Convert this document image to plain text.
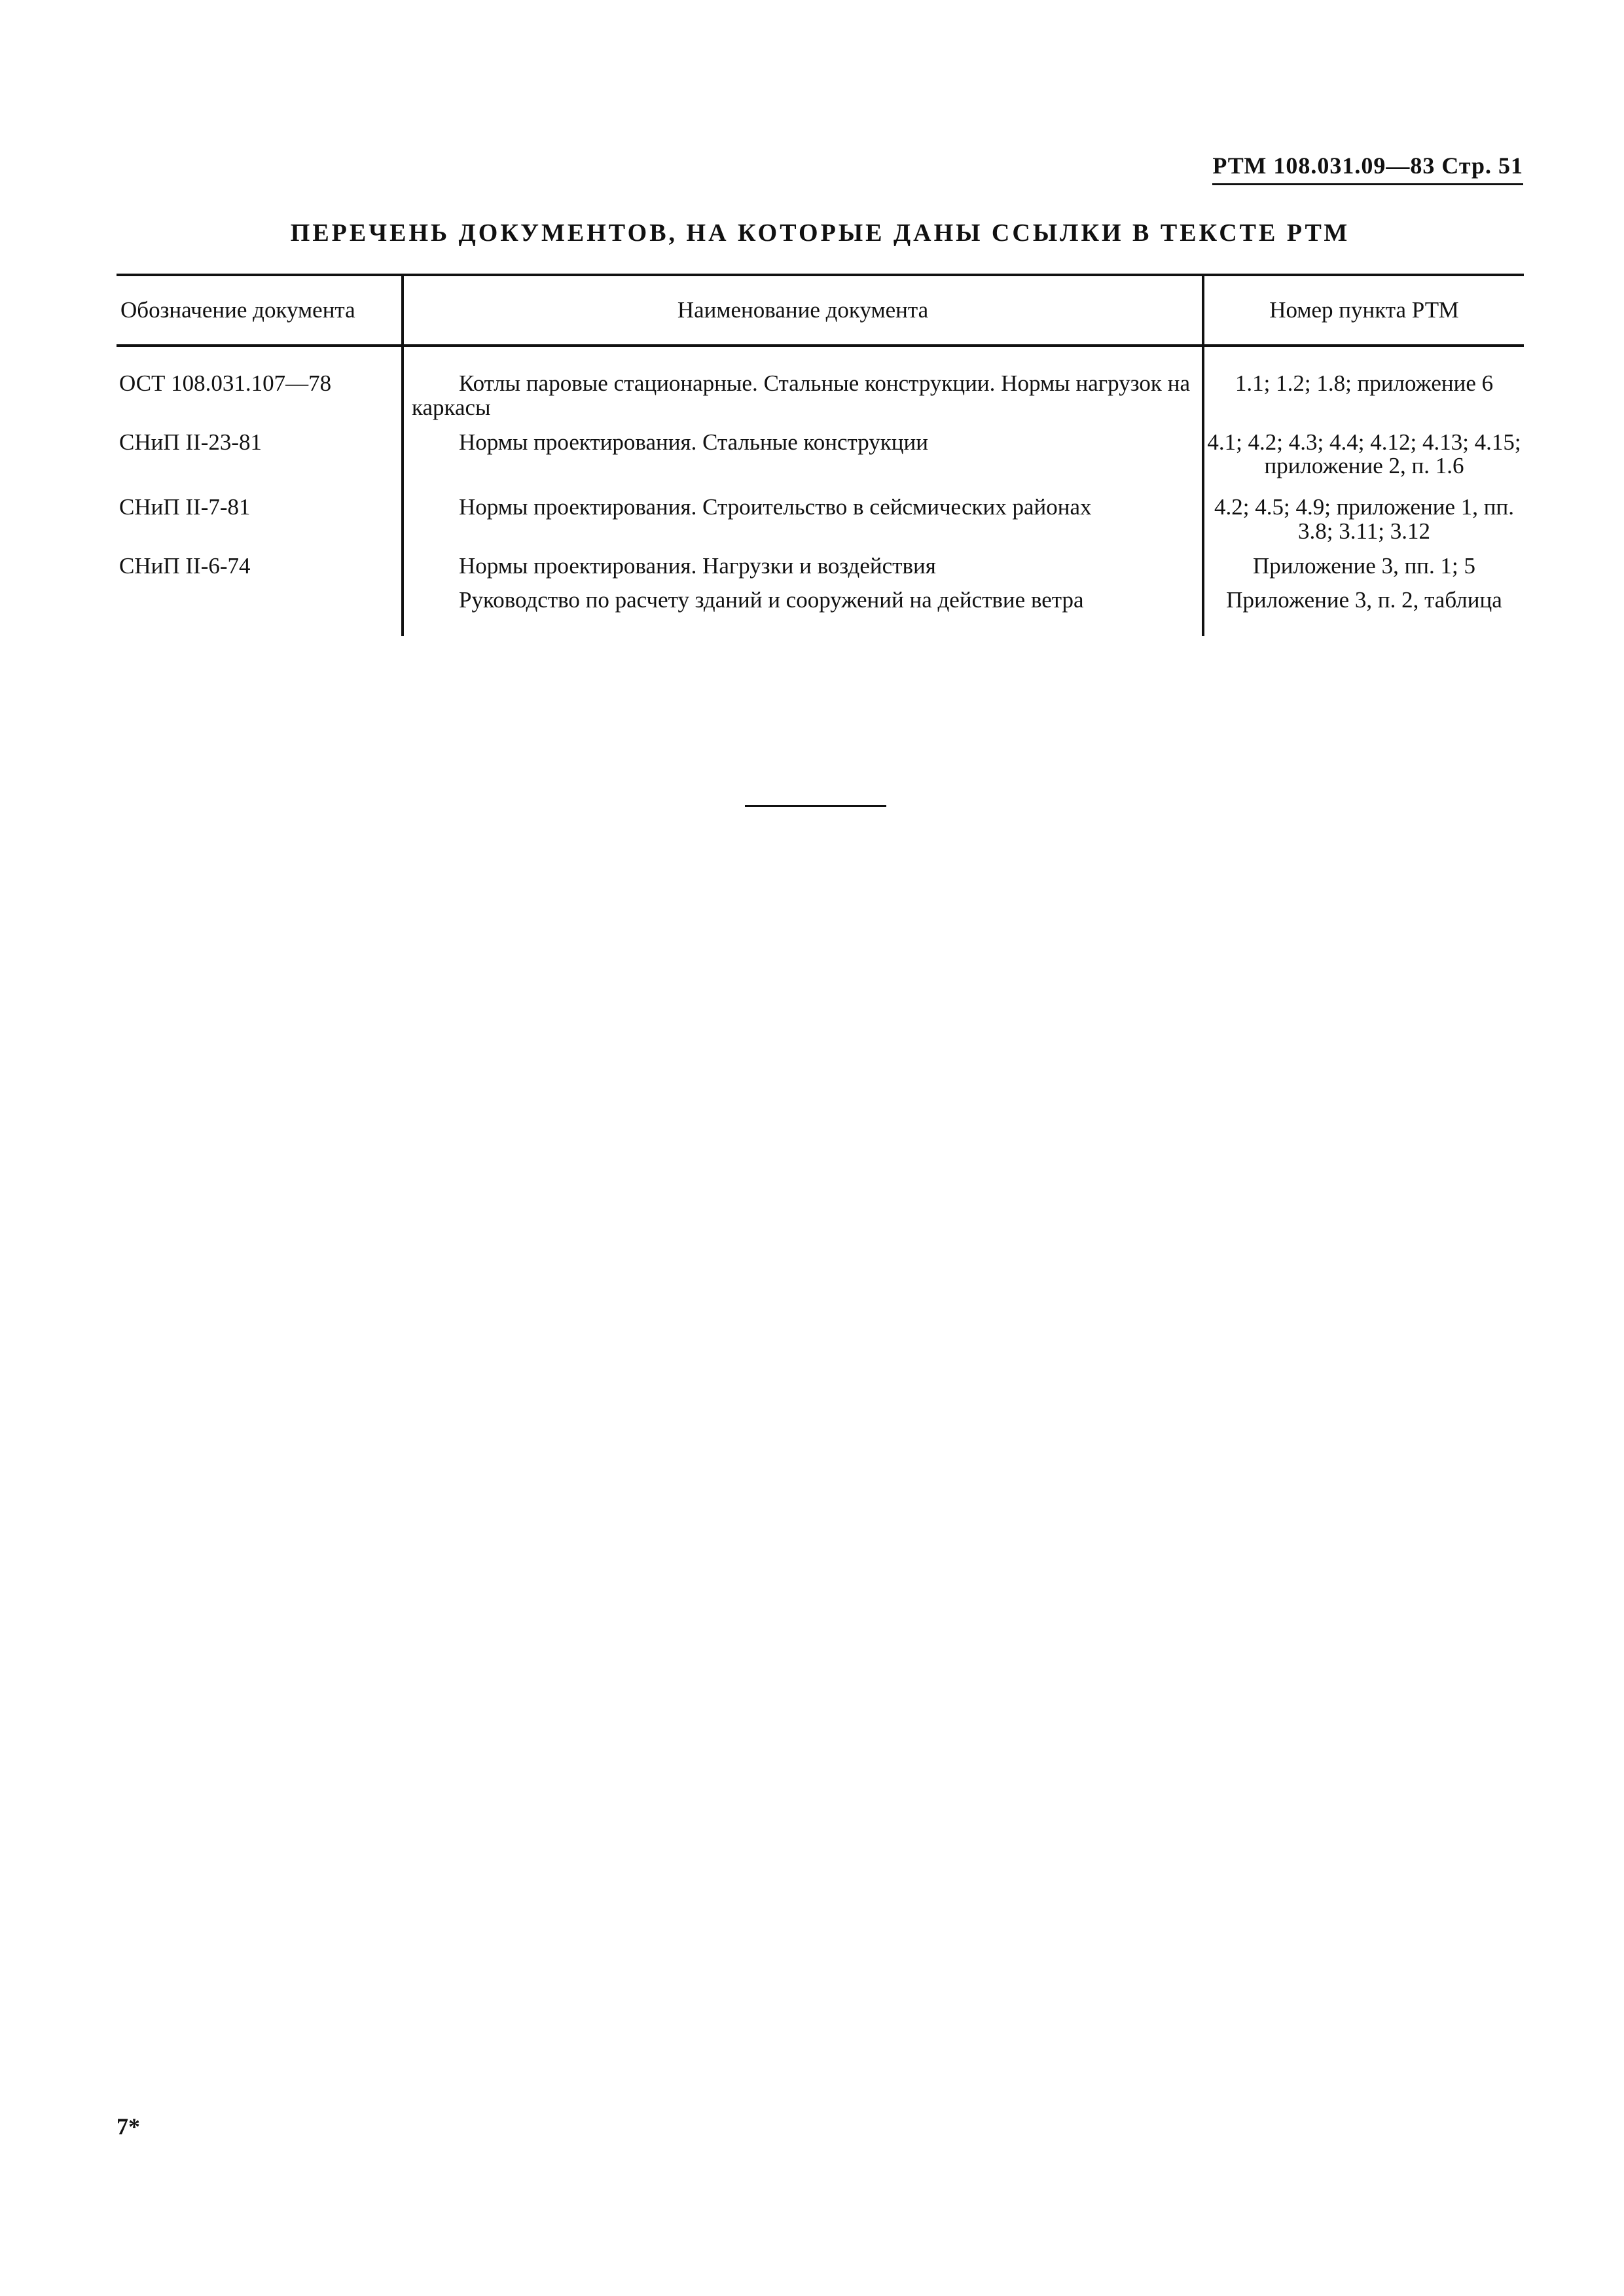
РТМ 108.031.09—83 Стр. 51
ПЕРЕЧЕНЬ ДОКУМЕНТОВ, НА КОТОРЫЕ ДАНЫ ССЫЛКИ В ТЕКСТЕ РТМ
Обозначение документа	Наименование документа	Номер пункта РТМ
ОСТ 108.031.107—78	Котлы паровые стационарные. Стальные конструкции. Нормы нагрузок на каркасы	1.1; 1.2; 1.8; приложение 6
СНиП II-23-81	Нормы проектирования. Стальные конструкции	4.1; 4.2; 4.3; 4.4; 4.12; 4.13; 4.15; приложение 2, п. 1.6
СНиП II-7-81	Нормы проектирования. Строительство в сейсмических районах	4.2; 4.5; 4.9; приложение 1, пп. 3.8; 3.11; 3.12
СНиП II-6-74	Нормы проектирования. Нагрузки и воздействия	Приложение 3, пп. 1; 5
	Руководство по расчету зданий и сооружений на действие ветра	Приложение 3, п. 2, таблица
7*
